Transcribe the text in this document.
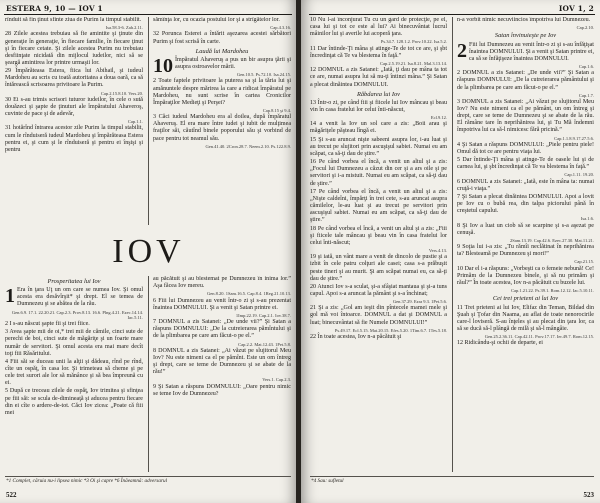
ESTERA 9, 10 — IOV 1

rînduit să fin ţinut sfinte ziua de Purim la timpul stabilit.

Isa.58.3-6. Zah.2.11.

28 Zilele acestea trebuiau să fie amintite şi ţinute din generaţie în generaţie, în fiecare familie, în fiecare ţinut şi în fiecare cetate. Şi zilele acestea Purim nu trebuiau desfiinţate nicidată din mijlocul iudeilor, nici să se şeargă amintirea lor printre urmaşii lor.

29 Împărăteasa Estera, fiica lui Abihail, şi iudeul Mardoheu au scris cu toată autoritatea a doua oară, ca să întărească scrisoarea privitoare la Purim.

Cap.2.15.8.10. Vers.20.

30 Ei s-au trimis scrisori tuturor iudeilor, în cele o sută douăzeci şi şapte de ţinuturi ale împăratului Ahaveroş, cuvinte de pace şi de adevăr,

Cap.1.1.

31 hotărînd întrarea acestor zile Purim la timpul stabilit, cum le rînduiseră iudeul Mardoheu şi împărăteasa Estera pentru ei, şi cum şi le rînduiseră şi pentru ei înşişi şi pentru

sămînţa lor, cu ocazia postului lor şi a strîgătelor lor.

Cap.4.3.16.

32 Porunca Esterei a întărit aşezarea acestei sărbători Purim şi fost scrisă în carte.

Laudă lui Mardoheu

10 Împăratul Ahaveruş a pus un bir asupra ţării şi asupra ostroavelor mării.

Gen.10.5. Ps.72.10. Isa.24.15.

2 Toate faptele privitoare la puterea sa şi la tăria lui şi amănuntele despre mărirea la care a ridicat împăratul pe Mardoheu, nu sunt scrise în cartea Cronicilor Împăraţilor Medieţi şi Perşei?

Cap.8.15 şi 9.4.

3 Căci iudeul Mardoheu era al doilea, după împăratul Ahaveruş. El era mare între iudei şi iubit de mulţimea fraţilor săi, căutînd binele poporului său şi vorbind de pace pentru tot neamul său.

Gen.41.40. 2Cron.28.7. Neem.2.10. Ps.122.8.9.
IOV
Prosperitatea lui Iov

1 Era în ţara Uţ un om care se numea Iov. Şi omul acesta era desăvîrşit* şi drept. El se temea de Dumnezeu şi se abătea de la rău.

Gen.6.9. 17.1. 22.20.21. Cap.2.3. Prov.8.13. 16.6. Plng.4.21. Ezec.14.14. Iac.5.11.

2 I s-au născut şapte fii şi trei fiice.

3 Avea şapte mii de oi,* trei mii de cămile, cinci sute de perechi de boi, cinci sute de măgăriţe şi un foarte mare număr de servitori. Şi omul acesta era mai mare decît toţi fiii Răsăritului.

4 Fiii săi se duceau unii la alţii şi dădeau, rînd pe rînd, cîte un ospăţ, în casa lor. Şi trimeteau să cheme şi pe cele trei surori ale lor să mănânce şi să bea împreună cu ei.

5 După ce treceau zilele de ospăţ, Iov trimitea şi sfinţea pe fiii săi: se scula de-dimineaţă şi aducea pentru fiecare din ei cîte o ardere-de-tot. Căci Iov zicea: „Poate că fiii mei

au păcătuit şi au blestemat pe Dumnezeu în inima lor.” Aşa făcea Iov mereu.

Gen.8.20. 1Sam.16.5. Cap.8.4. 1Reg.21.10.13.

6 Fiii lui Dumnezeu au venit într-o zi şi s-au prezentat înaintea DOMNULUI. Şi a venit şi Satan printre ei.

1Imp.22.19. Cap.2.1. Iov.38.7.

7 DOMNUL a zis Satanei: „De unde vii?” Şi Satan a răspuns DOMNULUI: „De la cutreierarea pămîntului şi de la plimbarea pe care am făcut-o pe el.”

Cap.2.2. Mat.12.43. 1Pet.5.8.

8 DOMNUL a zis Satanei: „Ai văzut pe slujitorul Meu Iov? Nu este nimeni ca el pe pămînt. Este un om întreg şi drept, care se teme de Dumnezeu şi se abate de la rău!”

Vers.1. Cap.2.3.

9 Şi Satan a răspuns DOMNULUI: „Oare pentru nimic se teme Iov de Dumnezeu?

*1 Complet, căruia nu-i lipsea nimic *3 Oi şi capre *6 Înăeamnă: adversarul
522
IOV 1, 2

10 Nu l-ai înconjurat Tu cu un gard de protecţie, pe el, casa lui şi tot ce este al lui? Ai binecuvântat lucrul mâinilor lui şi averile lui acoperă ţara.

Ps.34.7. 128.1.2. Prov.10.22. Isa.5.2.

11 Dar întinde-Ţi mâna şi atinge-Te de tot ce are, şi şbt încredinţat că Te va blestema în faţă.”

Cap.2.5.19.21. Isa.8.21. Mal.3.13.14.

12 DOMNUL a zis Satanei: „Iată, ţi dau pe mâna ta tot ce are, numai asupra lui să nu-ţi întinzi mâna.” Şi Satan a plecat dinăintea DOMNULUI.

Răbdarea lui Iov

13 Într-o zi, pe când fiii şi fiicele lui Iov mâncau şi beau vin în casa fratelui lor celui înti-născut,

Ecl.9.12.

14 a venit la Iov un sol care a zis: „Boii arau şi măgăriţele păşteau lîngă ei.

15 Şi s-au aruncat nişte sabeeni asupra lor, i-au luat şi au trecut pe slujitori prin ascuşişul sabiei. Numai eu am scăpat, ca să-ţi dau de ştire.”

16 Pe când vorbea el încă, a venit un altul şi a zis: „Focul lui Dumnezeu a căzut din cer şi a ars oile şi pe servitori şi i-a mistuit. Numai eu am scăpat, ca să-ţi dau de ştire.”

17 Pe când vorbea el încă, a venit un altul şi a zis: „Nişte caldeîni, împărţi în trei cete, s-au aruncat asupra cămilelor, le-au luat şi au trecut pe servitori prin ascuşişul sabiei. Numai eu am scăpat, ca să-ţi dau de ştire.”

18 Pe când vorbea el încă, a venit un altul şi a zis: „Fiii şi fiicele tale mâncau şi beau vin în casa fratelui lor celui înti-născut;

Vers.4.13.

19 şi iată, un vânt mare a venit de dincolo de pustie şi a izbit în cele patru colţuri ale casei; casa s-a prăbuşit peste tineri şi au murit. Şi am scăpat numai eu, ca să-ţi dau de ştire.”

20 Atunci Iov s-a sculat, şi-a sfâşiat mantaua şi şi-a tuns capul. Apoi s-a aruncat la pământ şi s-a închinat;

Gen.37.29. Ezra 9.3. 1Pet.5.6.

21 Şi a zis: „Gol am ieşit din pîntecele mamei mele şi gol mă voi întoarce. DOMNUL a dat şi DOMNUL a luat; binecuvântat să fie Numele DOMNULUI!”

Ps.49.17. Ecl.5.15. Mat.20.15. Efes.5.20. 1Tim.6.7. 1Tes.5.18.

22 În toate acestea, Iov n-a păcătuit şi

n-a vorbit nimic necuviincios împotriva lui Dumnezeu.

Cap.2.10.
Satan învinuieşte pe Iov

2 Fiii lui Dumnezeu au venit într-o zi şi s-au înfăţişat înaintea DOMNULUI. Şi a venit şi Satan printre ei, ca să se înfăţişeze înaintea DOMNULUI.

Cap.1.6.

2 DOMNUL a zis Satanei: „De unde vii?” Şi Satan a răspuns DOMNULUI: „De la cutreierarea pământului şi de la plimbarea pe care am făcut-o pe el.”

Cap.1.7.

3 DOMNUL a zis Satanei: „Ai văzut pe slujitorul Meu Iov? Nu este nimeni ca el pe pământ, un om întreg şi drept, care se teme de Dumnezeu şi se abate de la rău. El rămâne tare în neprihănirea lui, şi Tu Mă îndemni împotriva lui ca să-l nimicesc fără pricină.”

Cap.1.1.8.9.17.27.5.6.

4 Şi Satan a răspuns DOMNULUI: „Piele pentru piele! Omul dă tot ce are pentru viaţa lui.

5 Dar întinde-Ţi mâna şi atinge-Te de oasele lui şi de carnea lui, şi şbt încredinţat că Te va blestema în faţă.”

Cap.1.11. 19.20.

6 DOMNUL a zis Satanei: „Iată, este în mâna ta: numai cruţă-i viaţa.”

7 Şi Satan a plecat dinăintea DOMNULUI. Apoi a lovit pe Iov cu o bubă rea, din talpa piciorului până în creştetul capului.

Isa.1.6.

8 Şi Iov a luat un ciob să se scarpine şi s-a aşezat pe cenuşă.

2Sam.13.19. Cap.42.6. Ezec.27.30. Mat.11.21.

9 Soţia lui i-a zis: „Tu rămîi neclătinat în neprihănirea ta? Blesteamă pe Dumnezeu şi mori!”

Cap.21.15.

10 Dar el i-a răspuns: „Vorbeşti ca o femeie nebună! Ce! Primăm de la Dumnezeu binele, şi să nu primăm şi răul?” În toate acestea, Iov n-a păcătuit cu buzele lui.

Cap.1.21.22. Ps.39.1. Rom.12.12. Iac.5.10.11.
Cei trei prieteni ai lui Iov

11 Trei prieteni ai lui Iov, Elifaz din Teman, Bildad din Şuah şi Ţofar din Naama, au aflat de toate nenorocirile care-l loviseră. S-au înţeles şi au plecat din ţara lor, ca să se ducă să-l plângă de milă şi să-l mângâie.

Gen.25.2.36.11. Cap.42.11. Prov.17.17. Ier.49.7. Rom.12.15.

12 Ridicându-şi ochii de departe, ei

*4 Sau: sufletul
523
